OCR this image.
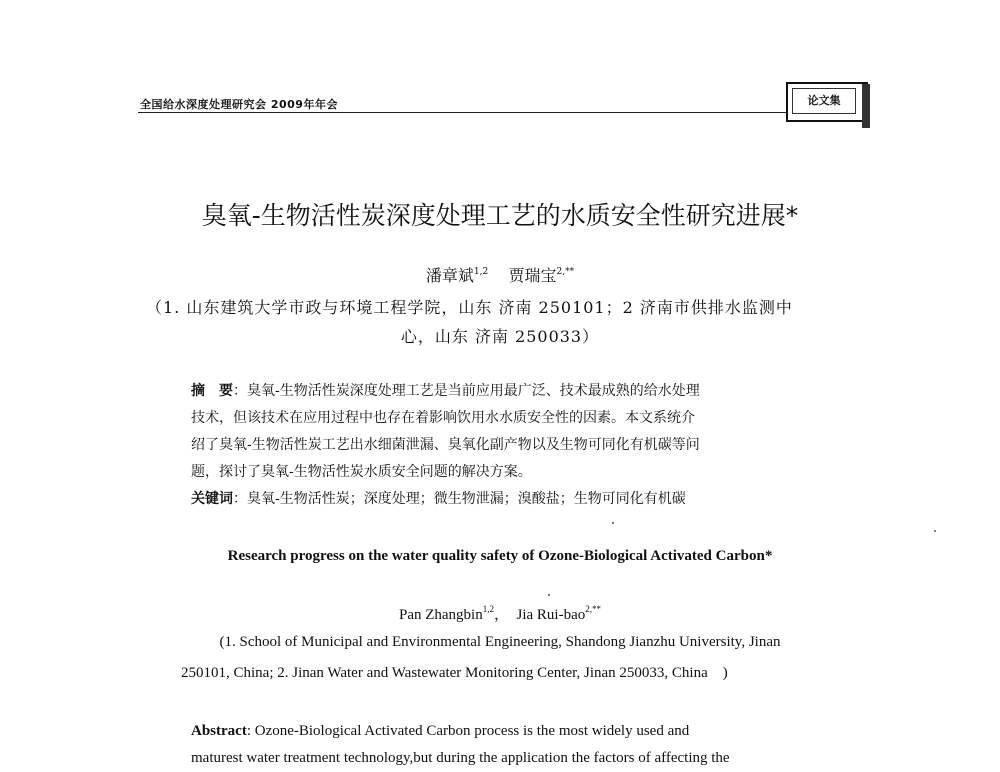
全国给水深度处理研究会 2009年年会	论文集
臭氧-生物活性炭深度处理工艺的水质安全性研究进展*
潘章斌$^{1,2}$ 贾瑞宝$^{2,**}$
（1. 山东建筑大学市政与环境工程学院，山东 济南 250101；2 济南市供排水监测中
心，山东 济南 250033）

摘　要：臭氧-生物活性炭深度处理工艺是当前应用最广泛、技术最成熟的给水处理

技术，但该技术在应用过程中也存在着影响饮用水水质安全性的因素。本文系统介

绍了臭氧-生物活性炭工艺出水细菌泄漏、臭氧化副产物以及生物可同化有机碳等问

题，探讨了臭氧-生物活性炭水质安全问题的解决方案。

关键词：臭氧-生物活性炭；深度处理；微生物泄漏；溴酸盐；生物可同化有机碳

Research progress on the water quality safety of Ozone-Biological Activated Carbon*
Pan Zhangbin$^{1,2}$， Jia Rui-bao$^{2,**}$
(1. School of Municipal and Environmental Engineering, Shandong Jianzhu University, Jinan
250101, China; 2. Jinan Water and Wastewater Monitoring Center, Jinan 250033, China　)

Abstract: Ozone-Biological Activated Carbon process is the most widely used and

maturest water treatment technology,but during the application the factors of affecting the
